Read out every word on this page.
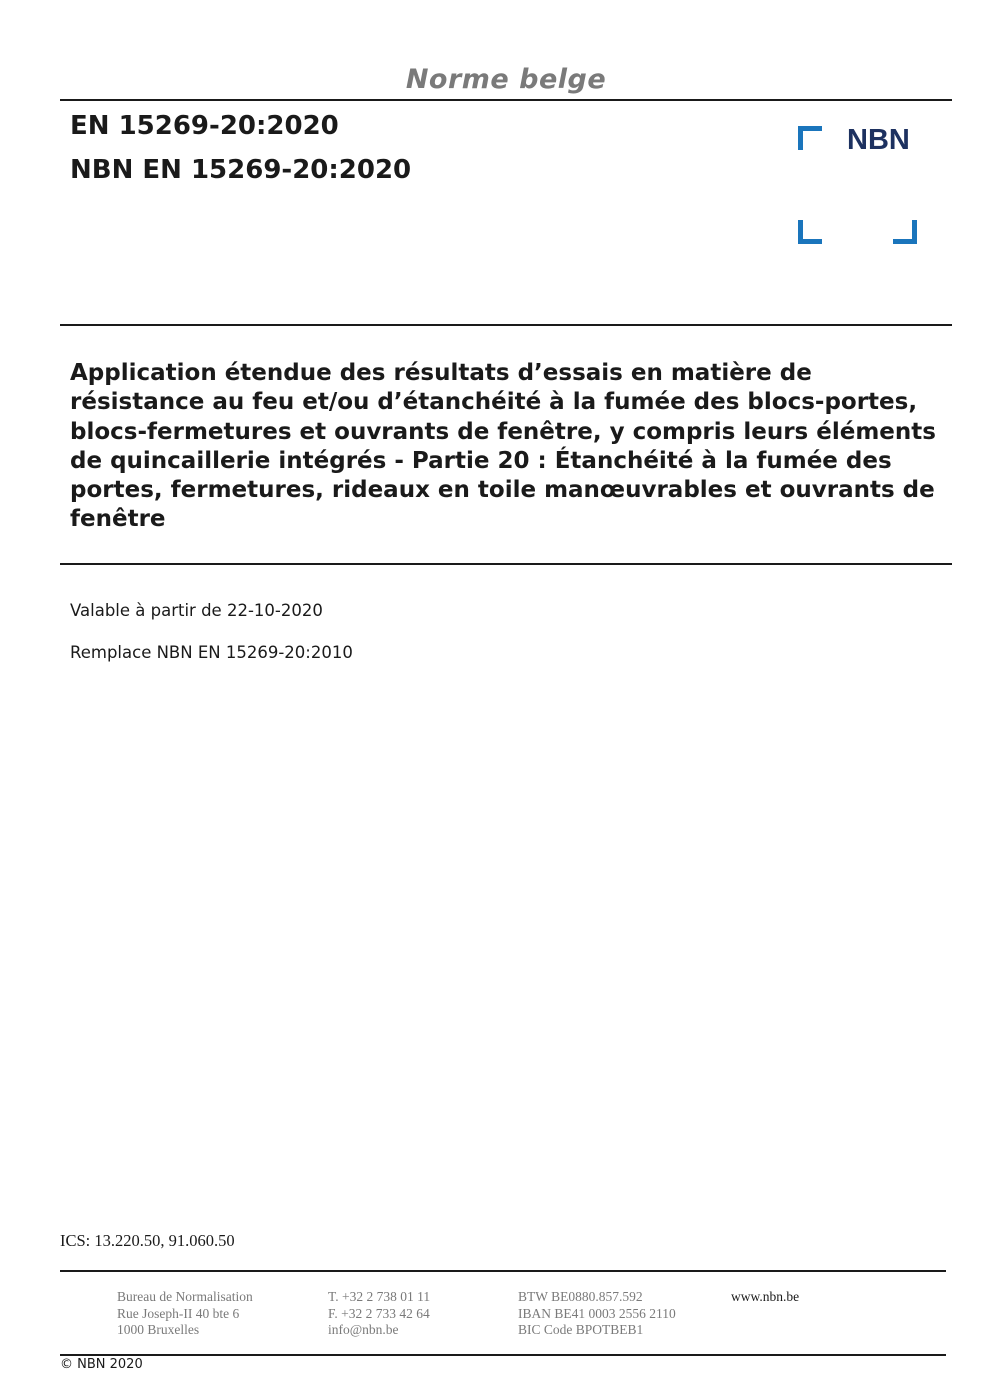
Norme belge
EN 15269-20:2020
NBN EN 15269-20:2020
NBN
Application étendue des résultats d’essais en matière de résistance au feu et/ou d’étanchéité à la fumée des blocs-portes, blocs-fermetures et ouvrants de fenêtre, y compris leurs éléments de quincaillerie intégrés - Partie 20 : Étanchéité à la fumée des portes, fermetures, rideaux en toile manœuvrables et ouvrants de fenêtre
Valable à partir de 22-10-2020
Remplace NBN EN 15269-20:2010
ICS: 13.220.50, 91.060.50
Bureau de Normalisation
Rue Joseph-II 40 bte 6
1000 Bruxelles
T. +32 2 738 01 11
F. +32 2 733 42 64
info@nbn.be
BTW BE0880.857.592
IBAN BE41 0003 2556 2110
BIC Code BPOTBEB1
www.nbn.be
© NBN 2020
